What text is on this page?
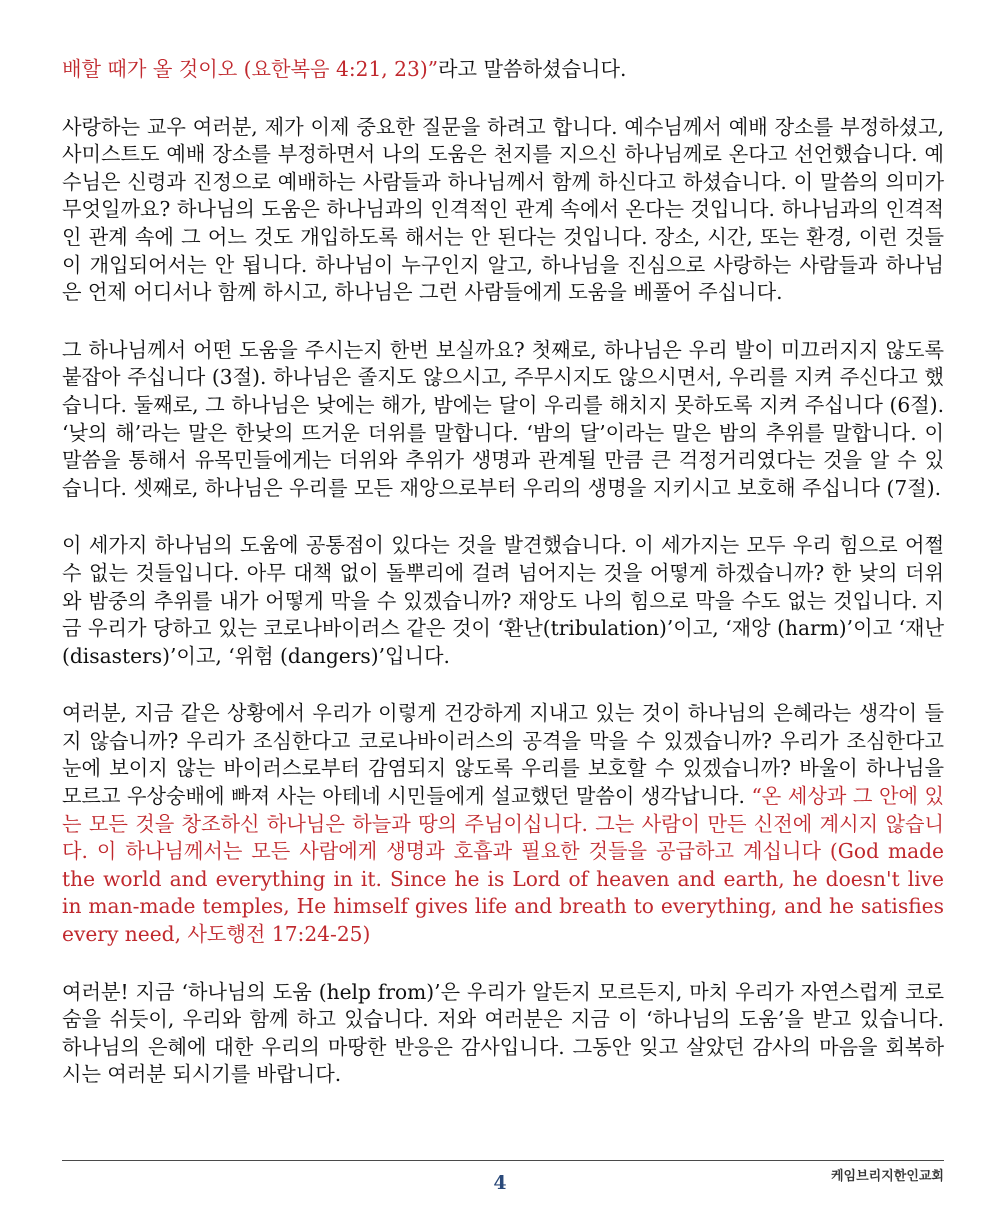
배할 때가 올 것이오 (요한복음 4:21, 23)”라고 말씀하셨습니다.

사랑하는 교우 여러분, 제가 이제 중요한 질문을 하려고 합니다. 예수님께서 예배 장소를 부정하셨고, 사미스트도 예배 장소를 부정하면서 나의 도움은 천지를 지으신 하나님께로 온다고 선언했습니다. 예수님은 신령과 진정으로 예배하는 사람들과 하나님께서 함께 하신다고 하셨습니다. 이 말씀의 의미가 무엇일까요? 하나님의 도움은 하나님과의 인격적인 관계 속에서 온다는 것입니다. 하나님과의 인격적인 관계 속에 그 어느 것도 개입하도록 해서는 안 된다는 것입니다. 장소, 시간, 또는 환경, 이런 것들이 개입되어서는 안 됩니다. 하나님이 누구인지 알고, 하나님을 진심으로 사랑하는 사람들과 하나님은 언제 어디서나 함께 하시고, 하나님은 그런 사람들에게 도움을 베풀어 주십니다.

그 하나님께서 어떤 도움을 주시는지 한번 보실까요? 첫째로, 하나님은 우리 발이 미끄러지지 않도록 붙잡아 주십니다 (3절). 하나님은 졸지도 않으시고, 주무시지도 않으시면서, 우리를 지켜 주신다고 했습니다. 둘째로, 그 하나님은 낮에는 해가, 밤에는 달이 우리를 해치지 못하도록 지켜 주십니다 (6절). ‘낮의 해’라는 말은 한낮의 뜨거운 더위를 말합니다. ‘밤의 달’이라는 말은 밤의 추위를 말합니다. 이 말씀을 통해서 유목민들에게는 더위와 추위가 생명과 관계될 만큼 큰 걱정거리였다는 것을 알 수 있습니다. 셋째로, 하나님은 우리를 모든 재앙으로부터 우리의 생명을 지키시고 보호해 주십니다 (7절).

이 세가지 하나님의 도움에 공통점이 있다는 것을 발견했습니다. 이 세가지는 모두 우리 힘으로 어쩔 수 없는 것들입니다. 아무 대책 없이 돌뿌리에 걸려 넘어지는 것을 어떻게 하겠습니까? 한 낮의 더위와 밤중의 추위를 내가 어떻게 막을 수 있겠습니까? 재앙도 나의 힘으로 막을 수도 없는 것입니다. 지금 우리가 당하고 있는 코로나바이러스 같은 것이 ‘환난(tribulation)’이고, ‘재앙 (harm)’이고 ‘재난 (disasters)’이고, ‘위험 (dangers)’입니다.

여러분, 지금 같은 상황에서 우리가 이렇게 건강하게 지내고 있는 것이 하나님의 은혜라는 생각이 들지 않습니까? 우리가 조심한다고 코로나바이러스의 공격을 막을 수 있겠습니까? 우리가 조심한다고 눈에 보이지 않는 바이러스로부터 감염되지 않도록 우리를 보호할 수 있겠습니까? 바울이 하나님을 모르고 우상숭배에 빠져 사는 아테네 시민들에게 설교했던 말씀이 생각납니다. “온 세상과 그 안에 있는 모든 것을 창조하신 하나님은 하늘과 땅의 주님이십니다. 그는 사람이 만든 신전에 계시지 않습니다. 이 하나님께서는 모든 사람에게 생명과 호흡과 필요한 것들을 공급하고 계십니다 (God made the world and everything in it. Since he is Lord of heaven and earth, he doesn't live in man-made temples, He himself gives life and breath to everything, and he satisfies every need, 사도행전 17:24-25)

여러분! 지금 ‘하나님의 도움 (help from)’은 우리가 알든지 모르든지, 마치 우리가 자연스럽게 코로 숨을 쉬듯이, 우리와 함께 하고 있습니다. 저와 여러분은 지금 이 ‘하나님의 도움’을 받고 있습니다. 하나님의 은혜에 대한 우리의 마땅한 반응은 감사입니다. 그동안 잊고 살았던 감사의 마음을 회복하시는 여러분 되시기를 바랍니다.

4	케임브리지한인교회
